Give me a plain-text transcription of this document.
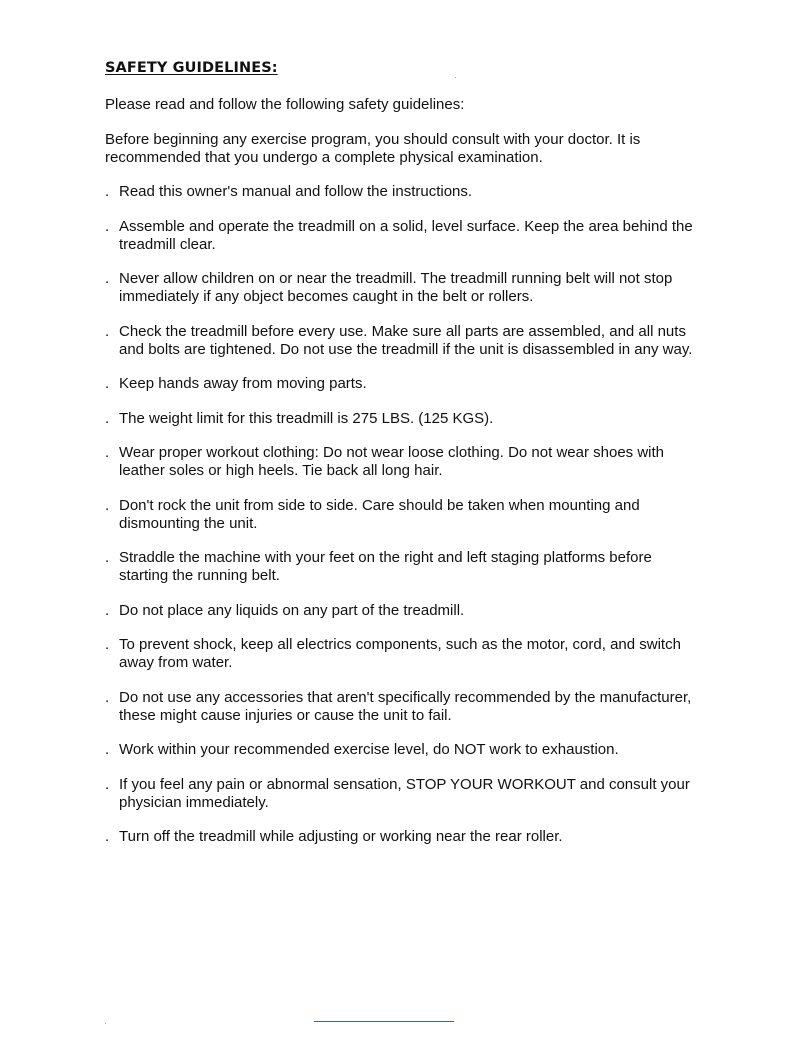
SAFETY GUIDELINES:
Please read and follow the following safety guidelines:
Before beginning any exercise program, you should consult with your doctor. It is recommended that you undergo a complete physical examination.
. Read this owner's manual and follow the instructions.
. Assemble and operate the treadmill on a solid, level surface. Keep the area behind the treadmill clear.
. Never allow children on or near the treadmill. The treadmill running belt will not stop immediately if any object becomes caught in the belt or rollers.
. Check the treadmill before every use. Make sure all parts are assembled, and all nuts and bolts are tightened. Do not use the treadmill if the unit is disassembled in any way.
. Keep hands away from moving parts.
. The weight limit for this treadmill is 275 LBS. (125 KGS).
. Wear proper workout clothing: Do not wear loose clothing. Do not wear shoes with leather soles or high heels. Tie back all long hair.
. Don't rock the unit from side to side. Care should be taken when mounting and dismounting the unit.
. Straddle the machine with your feet on the right and left staging platforms before starting the running belt.
. Do not place any liquids on any part of the treadmill.
. To prevent shock, keep all electrics components, such as the motor, cord, and switch away from water.
. Do not use any accessories that aren't specifically recommended by the manufacturer, these might cause injuries or cause the unit to fail.
. Work within your recommended exercise level, do NOT work to exhaustion.
. If you feel any pain or abnormal sensation, STOP YOUR WORKOUT and consult your physician immediately.
. Turn off the treadmill while adjusting or working near the rear roller.
